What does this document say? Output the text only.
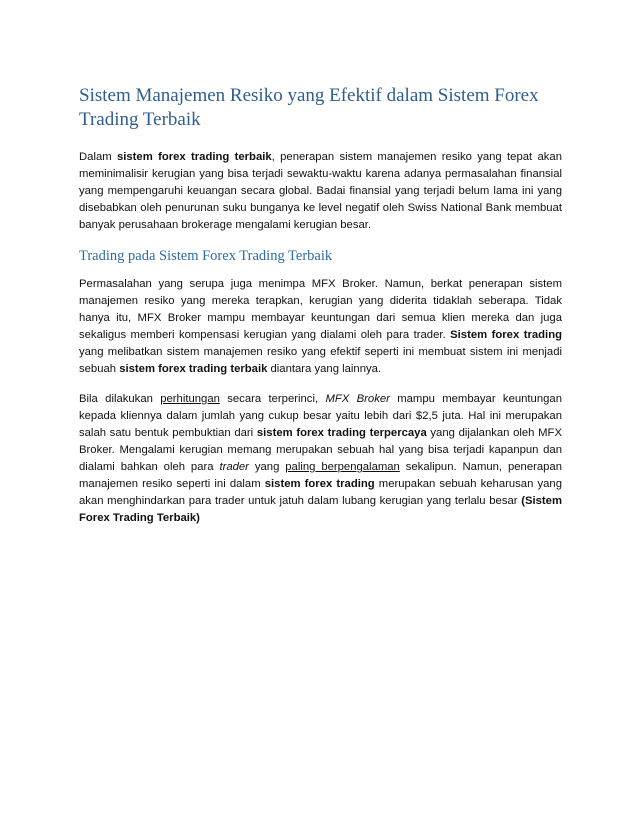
Sistem Manajemen Resiko yang Efektif dalam Sistem Forex Trading Terbaik

Dalam sistem forex trading terbaik, penerapan sistem manajemen resiko yang tepat akan meminimalisir kerugian yang bisa terjadi sewaktu-waktu karena adanya permasalahan finansial yang mempengaruhi keuangan secara global. Badai finansial yang terjadi belum lama ini yang disebabkan oleh penurunan suku bunganya ke level negatif oleh Swiss National Bank membuat banyak perusahaan brokerage mengalami kerugian besar.

Trading pada Sistem Forex Trading Terbaik

Permasalahan yang serupa juga menimpa MFX Broker. Namun, berkat penerapan sistem manajemen resiko yang mereka terapkan, kerugian yang diderita tidaklah seberapa. Tidak hanya itu, MFX Broker mampu membayar keuntungan dari semua klien mereka dan juga sekaligus memberi kompensasi kerugian yang dialami oleh para trader. Sistem forex trading yang melibatkan sistem manajemen resiko yang efektif seperti ini membuat sistem ini menjadi sebuah sistem forex trading terbaik diantara yang lainnya.

Bila dilakukan perhitungan secara terperinci, MFX Broker mampu membayar keuntungan kepada kliennya dalam jumlah yang cukup besar yaitu lebih dari $2,5 juta. Hal ini merupakan salah satu bentuk pembuktian dari sistem forex trading terpercaya yang dijalankan oleh MFX Broker. Mengalami kerugian memang merupakan sebuah hal yang bisa terjadi kapanpun dan dialami bahkan oleh para trader yang paling berpengalaman sekalipun. Namun, penerapan manajemen resiko seperti ini dalam sistem forex trading merupakan sebuah keharusan yang akan menghindarkan para trader untuk jatuh dalam lubang kerugian yang terlalu besar (Sistem Forex Trading Terbaik)
